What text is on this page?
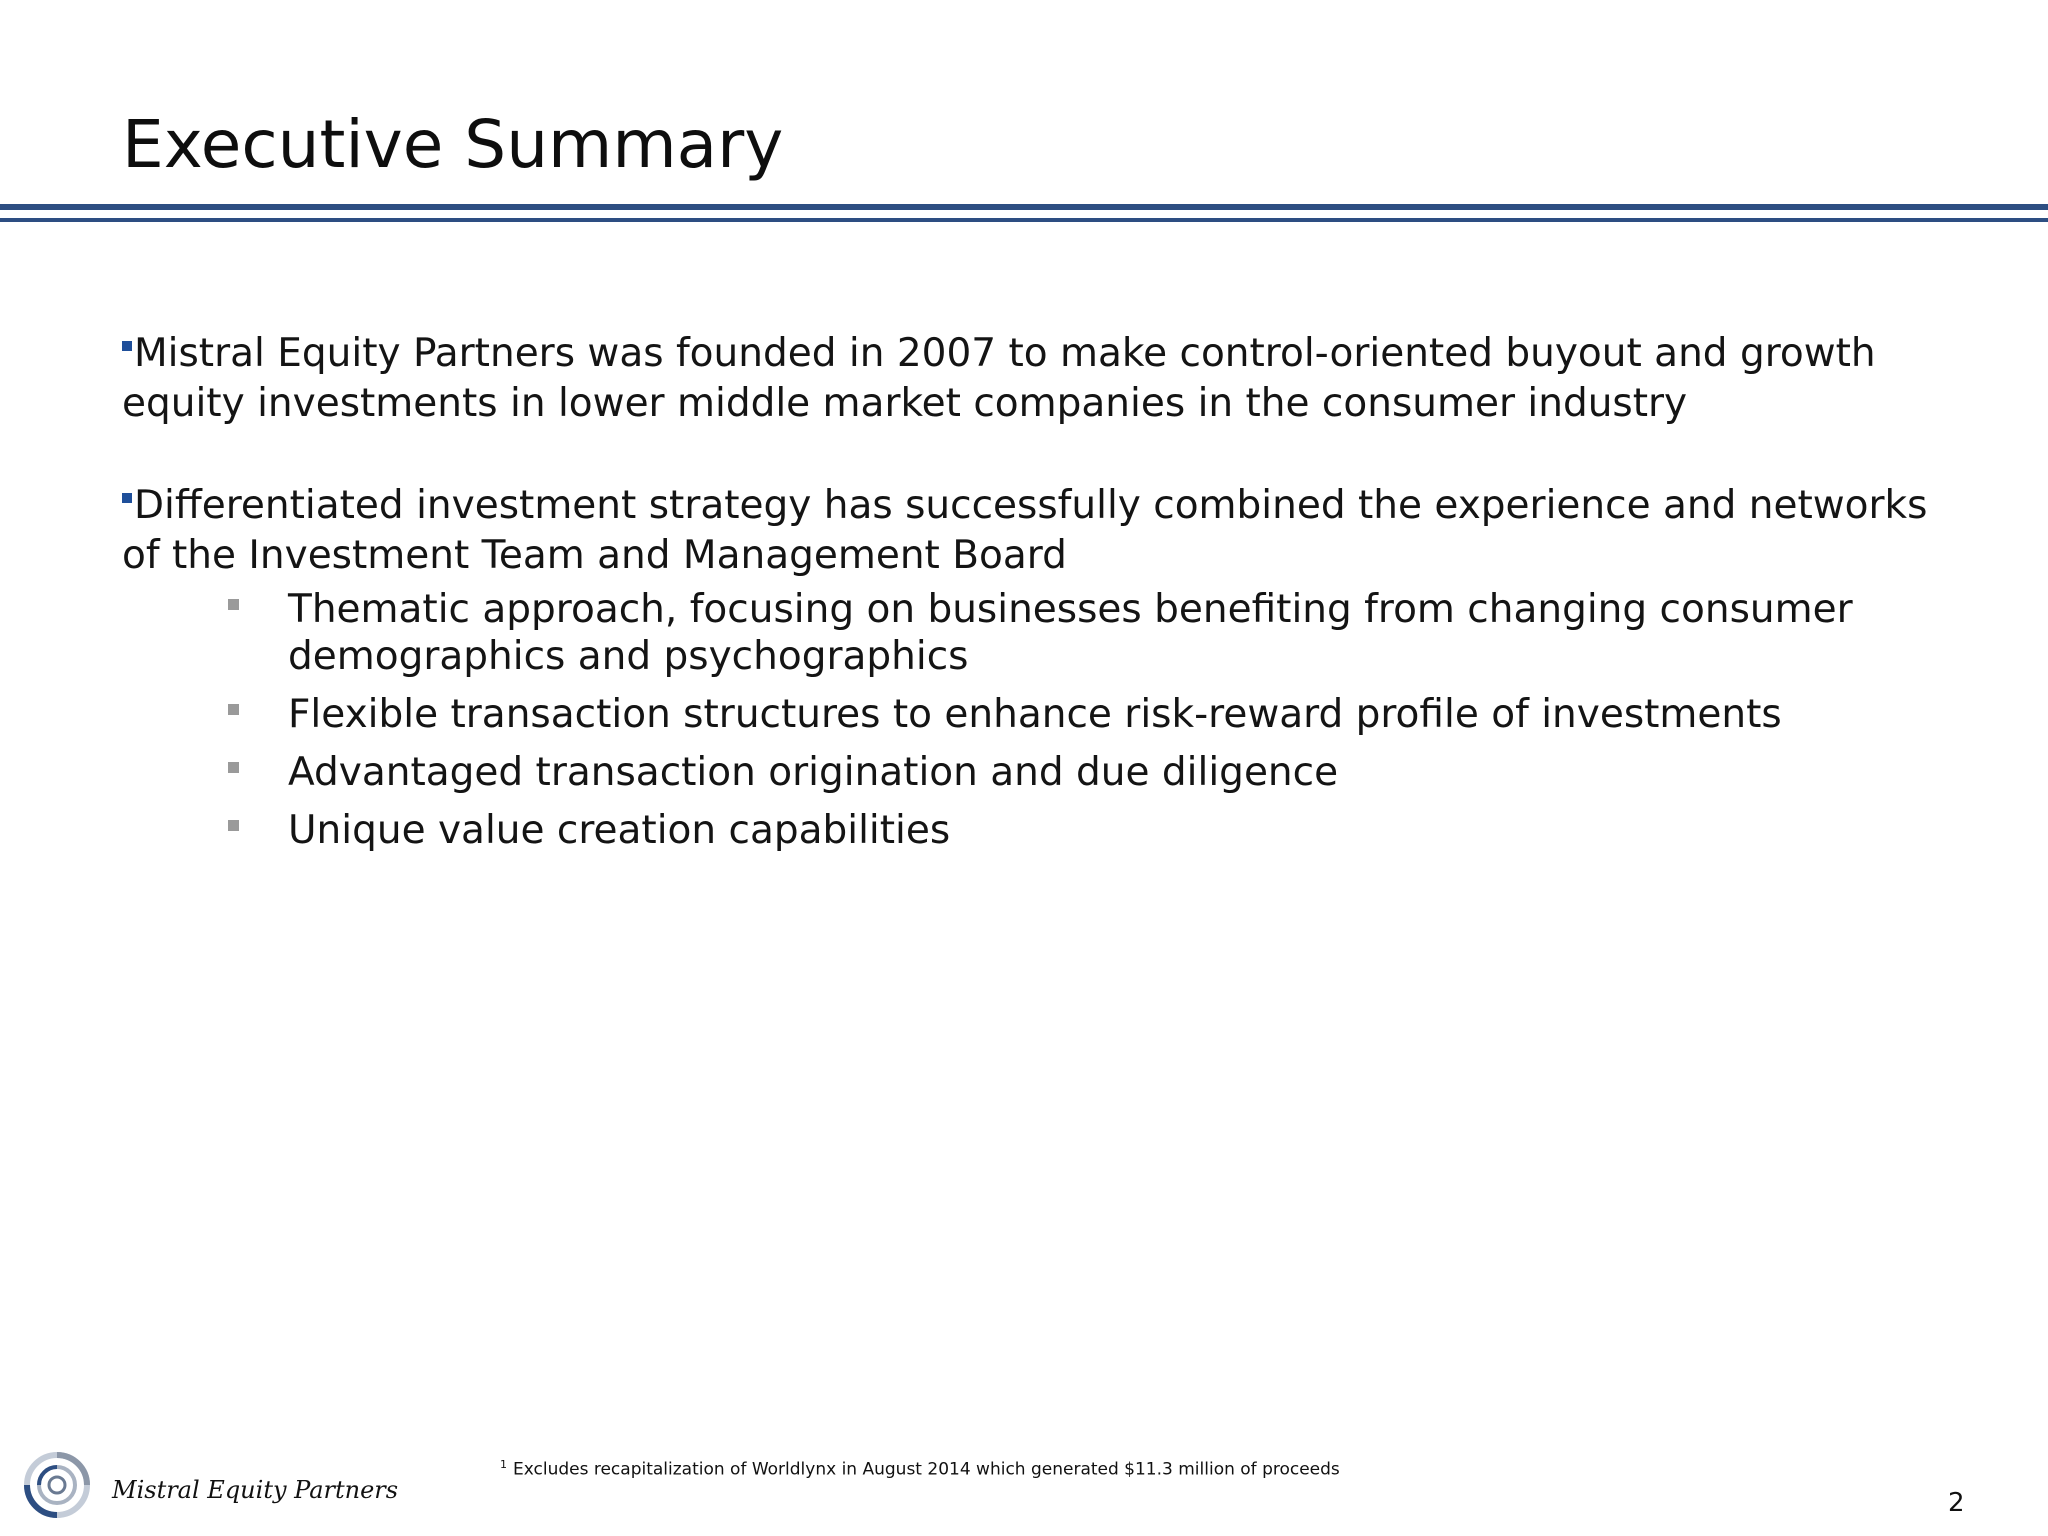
Executive Summary

Mistral Equity Partners was founded in 2007 to make control-oriented buyout and growth equity investments in lower middle market companies in the consumer industry

Differentiated investment strategy has successfully combined the experience and networks of the Investment Team and Management Board

Thematic approach, focusing on businesses benefiting from changing consumer demographics and psychographics
Flexible transaction structures to enhance risk-reward profile of investments
Advantaged transaction origination and due diligence
Unique value creation capabilities
Mistral Equity Partners
$^1$ Excludes recapitalization of Worldlynx in August 2014 which generated $11.3 million of proceeds
2
